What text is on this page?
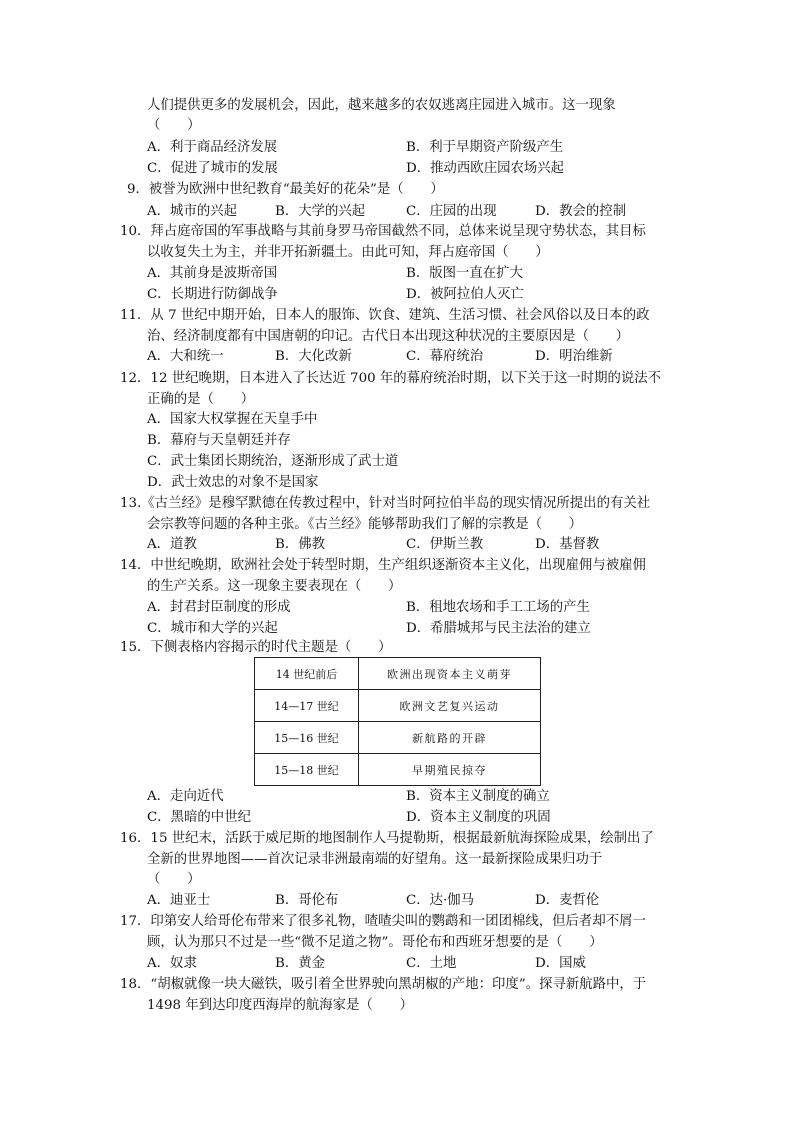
人们提供更多的发展机会，因此，越来越多的农奴逃离庄园进入城市。这一现象
（　　）
A．利于商品经济发展	B．利于早期资产阶级产生
C．促进了城市的发展	D．推动西欧庄园农场兴起
9．被誉为欧洲中世纪教育“最美好的花朵”是（　　）
A．城市的兴起	B．大学的兴起	C．庄园的出现	D．教会的控制
10．拜占庭帝国的军事战略与其前身罗马帝国截然不同，总体来说呈现守势状态，其目标
以收复失土为主，并非开拓新疆土。由此可知，拜占庭帝国（　　）
A．其前身是波斯帝国	B．版图一直在扩大
C．长期进行防御战争	D．被阿拉伯人灭亡
11．从 7 世纪中期开始，日本人的服饰、饮食、建筑、生活习惯、社会风俗以及日本的政
治、经济制度都有中国唐朝的印记。古代日本出现这种状况的主要原因是（　　）
A．大和统一	B．大化改新	C．幕府统治	D．明治维新
12．12 世纪晚期，日本进入了长达近 700 年的幕府统治时期，以下关于这一时期的说法不
正确的是（　　）
A．国家大权掌握在天皇手中
B．幕府与天皇朝廷并存
C．武士集团长期统治，逐渐形成了武士道
D．武士效忠的对象不是国家
13.《古兰经》是穆罕默德在传教过程中，针对当时阿拉伯半岛的现实情况所提出的有关社
会宗教等问题的各种主张。《古兰经》能够帮助我们了解的宗教是（　　）
A．道教	B．佛教	C．伊斯兰教	D．基督教
14．中世纪晚期，欧洲社会处于转型时期，生产组织逐渐资本主义化，出现雇佣与被雇佣
的生产关系。这一现象主要表现在（　　）
A．封君封臣制度的形成	B．租地农场和手工工场的产生
C．城市和大学的兴起	D．希腊城邦与民主法治的建立
15．下侧表格内容揭示的时代主题是（　　）
14 世纪前后	欧洲出现资本主义萌芽
14—17 世纪	欧洲文艺复兴运动
15—16 世纪	新航路的开辟
15—18 世纪	早期殖民掠夺
A．走向近代	B．资本主义制度的确立
C．黑暗的中世纪	D．资本主义制度的巩固
16．15 世纪末，活跃于威尼斯的地图制作人马提勒斯，根据最新航海探险成果，绘制出了
全新的世界地图——首次记录非洲最南端的好望角。这一最新探险成果归功于
（　　）
A．迪亚士	B．哥伦布	C．达·伽马	D．麦哲伦
17．印第安人给哥伦布带来了很多礼物，喳喳尖叫的鹦鹉和一团团棉线，但后者却不屑一
顾，认为那只不过是一些“微不足道之物”。哥伦布和西班牙想要的是（　　）
A．奴隶	B．黄金	C．土地	D．国威
18．“胡椒就像一块大磁铁，吸引着全世界驶向黑胡椒的产地：印度”。探寻新航路中，于
1498 年到达印度西海岸的航海家是（　　）
